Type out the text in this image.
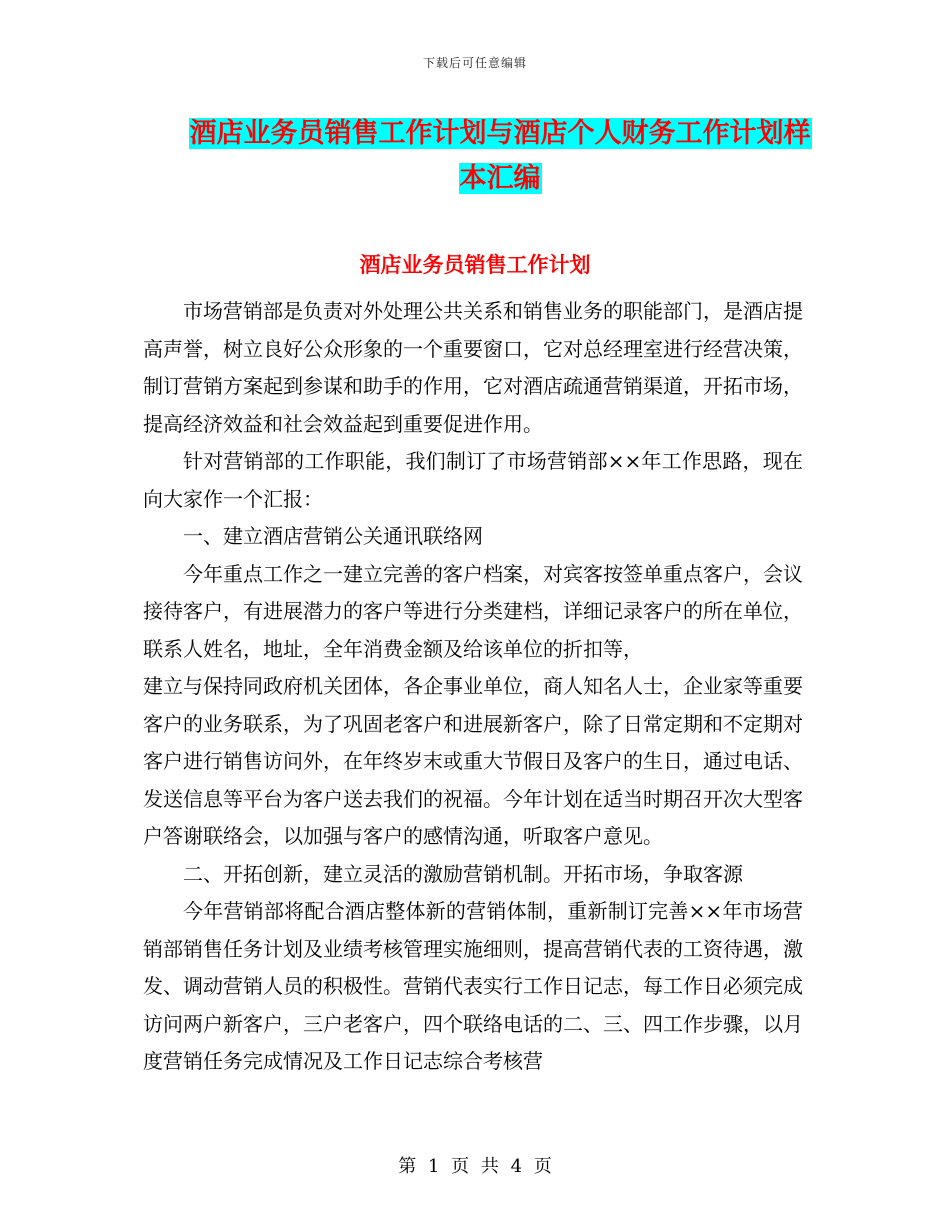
下载后可任意编辑
酒店业务员销售工作计划与酒店个人财务工作计划样
本汇编
酒店业务员销售工作计划

市场营销部是负责对外处理公共关系和销售业务的职能部门，是酒店提高声誉，树立良好公众形象的一个重要窗口，它对总经理室进行经营决策，制订营销方案起到参谋和助手的作用，它对酒店疏通营销渠道，开拓市场，提高经济效益和社会效益起到重要促进作用。

针对营销部的工作职能，我们制订了市场营销部××年工作思路，现在向大家作一个汇报：

一、建立酒店营销公关通讯联络网

今年重点工作之一建立完善的客户档案，对宾客按签单重点客户，会议接待客户，有进展潜力的客户等进行分类建档，详细记录客户的所在单位，联系人姓名，地址，全年消费金额及给该单位的折扣等，

建立与保持同政府机关团体，各企事业单位，商人知名人士，企业家等重要客户的业务联系，为了巩固老客户和进展新客户，除了日常定期和不定期对客户进行销售访问外，在年终岁末或重大节假日及客户的生日，通过电话、发送信息等平台为客户送去我们的祝福。今年计划在适当时期召开次大型客户答谢联络会，以加强与客户的感情沟通，听取客户意见。

二、开拓创新，建立灵活的激励营销机制。开拓市场，争取客源

今年营销部将配合酒店整体新的营销体制，重新制订完善××年市场营销部销售任务计划及业绩考核管理实施细则，提高营销代表的工资待遇，激发、调动营销人员的积极性。营销代表实行工作日记志，每工作日必须完成访问两户新客户，三户老客户，四个联络电话的二、三、四工作步骤，以月度营销任务完成情况及工作日记志综合考核营

第 1 页 共 4 页
